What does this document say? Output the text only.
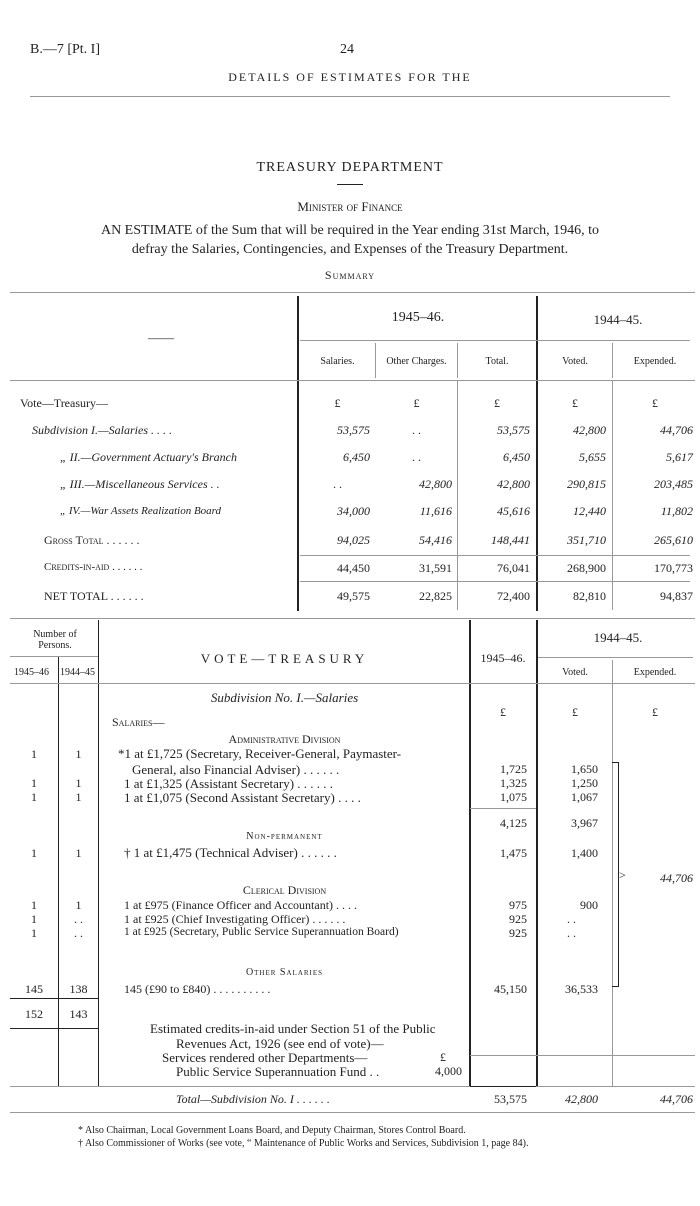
B.—7 [Pt. I]	24
DETAILS OF ESTIMATES FOR THE
TREASURY DEPARTMENT
Minister of Finance
AN ESTIMATE of the Sum that will be required in the Year ending 31st March, 1946, to
defray the Salaries, Contingencies, and Expenses of the Treasury Department.
Summary
——
1945–46.	1944–45.
Salaries.	Other Charges.	Total.	Voted.	Expended.
Vote—Treasury—	£	£	£	£	£
Subdivision I.—Salaries . . . .	53,575	. .	53,575	42,800	44,706
„ II.—Government Actuary's Branch	6,450	. .	6,450	5,655	5,617
„ III.—Miscellaneous Services . .	. .	42,800	42,800	290,815	203,485
„ IV.—War Assets Realization Board	34,000	11,616	45,616	12,440	11,802
Gross Total . . . . . .	94,025	54,416	148,441	351,710	265,610
Credits-in-aid . . . . . .	44,450	31,591	76,041	268,900	170,773
NET TOTAL . . . . . .	49,575	22,825	72,400	82,810	94,837
Number of Persons.
1945–46 1944–45
VOTE—TREASURY	1945–46.
1944–45.
Voted.	Expended.
Subdivision No. I.—Salaries
£	£	£
Salaries—
Administrative Division
1	1	*1 at £1,725 (Secretary, Receiver-General, Paymaster-
General, also Financial Adviser) . . . . . .	1,725	1,650
1	1	1 at £1,325 (Assistant Secretary) . . . . . .	1,325	1,250
1	1	1 at £1,075 (Second Assistant Secretary) . . . .	1,075	1,067
4,125	3,967
Non-permanent
1	1	† 1 at £1,475 (Technical Adviser) . . . . . .	1,475	1,400
>	44,706
Clerical Division
1	1	1 at £975 (Finance Officer and Accountant) . . . .	975	900
1	. .	1 at £925 (Chief Investigating Officer) . . . . . .	925	. .
1	. .	1 at £925 (Secretary, Public Service Superannuation Board)	925	. .
Other Salaries
145	138	145 (£90 to £840) . . . . . . . . . .	45,150	36,533
152	143
Estimated credits-in-aid under Section 51 of the Public
Revenues Act, 1926 (see end of vote)—
Services rendered other Departments—	£
Public Service Superannuation Fund . .	4,000
Total—Subdivision No. I . . . . . .	53,575	42,800	44,706
* Also Chairman, Local Government Loans Board, and Deputy Chairman, Stores Control Board.
† Also Commissioner of Works (see vote, “ Maintenance of Public Works and Services, Subdivision 1, page 84).
